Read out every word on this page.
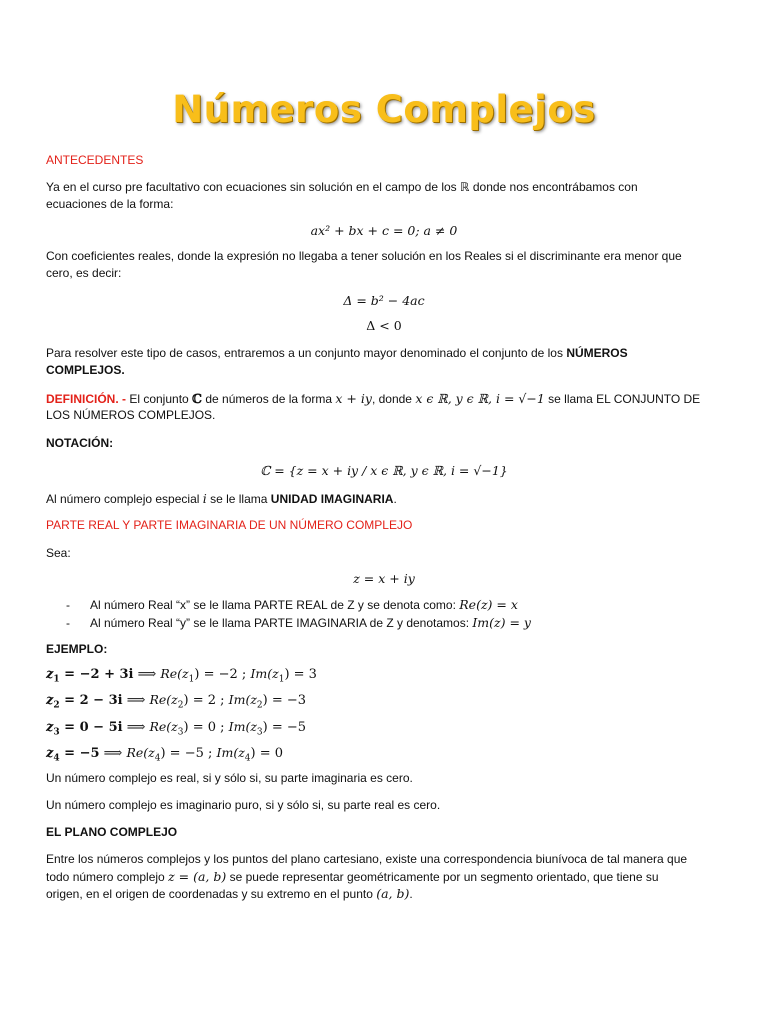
Números Complejos

ANTECEDENTES

Ya en el curso pre facultativo con ecuaciones sin solución en el campo de los ℝ donde nos encontrábamos con

ecuaciones de la forma:

ax² + bx + c = 0; a ≠ 0

Con coeficientes reales, donde la expresión no llegaba a tener solución en los Reales si el discriminante era menor que

cero, es decir:

Δ = b² − 4ac

Δ < 0

Para resolver este tipo de casos, entraremos a un conjunto mayor denominado el conjunto de los NÚMEROS

COMPLEJOS.

DEFINICIÓN. - El conjunto ℂ de números de la forma x + iy, donde x ϵ ℝ, y ϵ ℝ, i = √−1 se llama EL CONJUNTO DE

LOS NÚMEROS COMPLEJOS.

NOTACIÓN:

ℂ = {z = x + iy / x ϵ ℝ, y ϵ ℝ, i = √−1}

Al número complejo especial i se le llama UNIDAD IMAGINARIA.

PARTE REAL Y PARTE IMAGINARIA DE UN NÚMERO COMPLEJO

Sea:

z = x + iy

- Al número Real “x” se le llama PARTE REAL de Z y se denota como: Re(z) = x

- Al número Real “y” se le llama PARTE IMAGINARIA de Z y denotamos: Im(z) = y

EJEMPLO:

$z_1 = -2 + 3i$ ⟹ $Re(z_1) = -2$ ; $Im(z_1) = 3$

$z_2 = 2 - 3i$ ⟹ $Re(z_2) = 2$ ; $Im(z_2) = -3$

$z_3 = 0 - 5i$ ⟹ $Re(z_3) = 0$ ; $Im(z_3) = -5$

$z_4 = -5$ ⟹ $Re(z_4) = -5$ ; $Im(z_4) = 0$

Un número complejo es real, si y sólo si, su parte imaginaria es cero.

Un número complejo es imaginario puro, si y sólo si, su parte real es cero.

EL PLANO COMPLEJO

Entre los números complejos y los puntos del plano cartesiano, existe una correspondencia biunívoca de tal manera que

todo número complejo z = (a, b) se puede representar geométricamente por un segmento orientado, que tiene su

origen, en el origen de coordenadas y su extremo en el punto (a, b).
